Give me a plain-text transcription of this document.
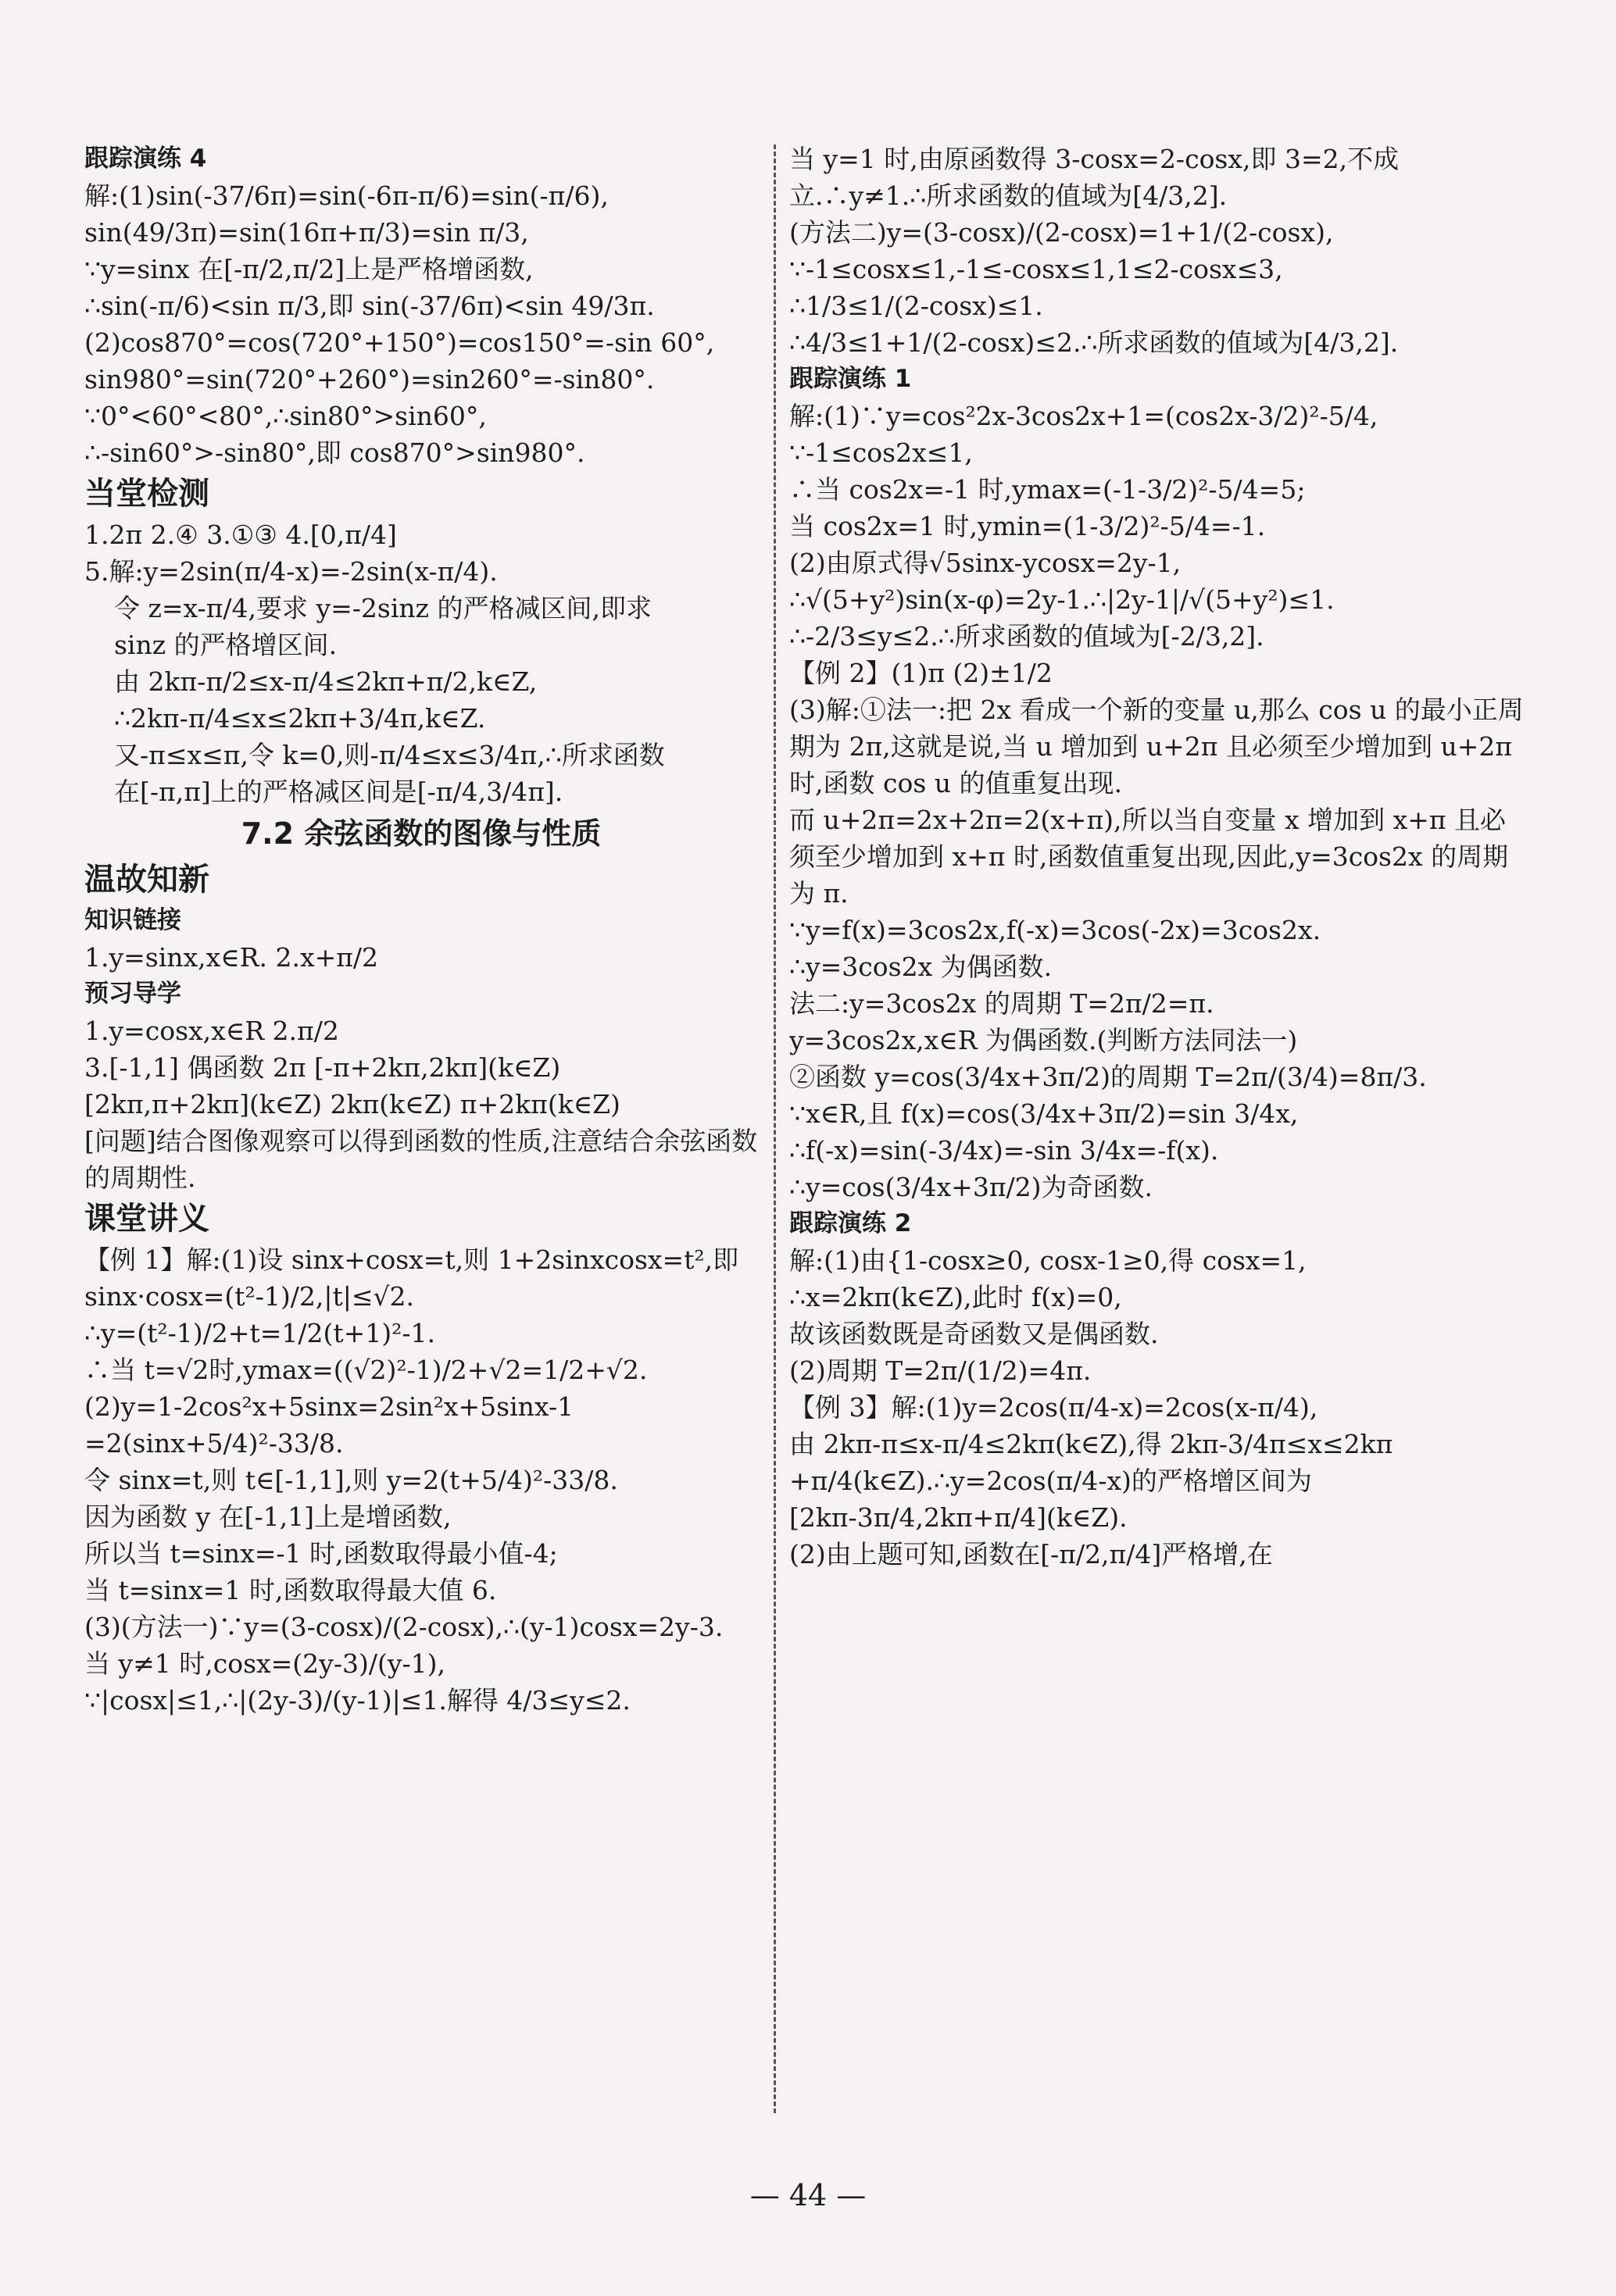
跟踪演练 4
解:(1)sin(-37/6π)=sin(-6π-π/6)=sin(-π/6),
sin(49/3π)=sin(16π+π/3)=sin π/3,
∵y=sinx 在[-π/2,π/2]上是严格增函数,
∴sin(-π/6)<sin π/3,即 sin(-37/6π)<sin 49/3π.
(2)cos870°=cos(720°+150°)=cos150°=-sin 60°,
sin980°=sin(720°+260°)=sin260°=-sin80°.
∵0°<60°<80°,∴sin80°>sin60°,
∴-sin60°>-sin80°,即 cos870°>sin980°.
当堂检测
1.2π 2.④ 3.①③ 4.[0,π/4]
5.解:y=2sin(π/4-x)=-2sin(x-π/4).
令 z=x-π/4,要求 y=-2sinz 的严格减区间,即求
sinz 的严格增区间.
由 2kπ-π/2≤x-π/4≤2kπ+π/2,k∈Z,
∴2kπ-π/4≤x≤2kπ+3/4π,k∈Z.
又-π≤x≤π,令 k=0,则-π/4≤x≤3/4π,∴所求函数
在[-π,π]上的严格减区间是[-π/4,3/4π].
7.2 余弦函数的图像与性质
温故知新
知识链接
1.y=sinx,x∈R. 2.x+π/2
预习导学
1.y=cosx,x∈R 2.π/2
3.[-1,1] 偶函数 2π [-π+2kπ,2kπ](k∈Z)
[2kπ,π+2kπ](k∈Z) 2kπ(k∈Z) π+2kπ(k∈Z)
[问题]结合图像观察可以得到函数的性质,注意结合余弦函数的周期性.
课堂讲义
【例 1】解:(1)设 sinx+cosx=t,则 1+2sinxcosx=t²,即
sinx·cosx=(t²-1)/2,|t|≤√2.
∴y=(t²-1)/2+t=1/2(t+1)²-1.
∴当 t=√2时,ymax=((√2)²-1)/2+√2=1/2+√2.
(2)y=1-2cos²x+5sinx=2sin²x+5sinx-1
=2(sinx+5/4)²-33/8.
令 sinx=t,则 t∈[-1,1],则 y=2(t+5/4)²-33/8.
因为函数 y 在[-1,1]上是增函数,
所以当 t=sinx=-1 时,函数取得最小值-4;
当 t=sinx=1 时,函数取得最大值 6.
(3)(方法一)∵y=(3-cosx)/(2-cosx),∴(y-1)cosx=2y-3.
当 y≠1 时,cosx=(2y-3)/(y-1),
∵|cosx|≤1,∴|(2y-3)/(y-1)|≤1.解得 4/3≤y≤2.
当 y=1 时,由原函数得 3-cosx=2-cosx,即 3=2,不成立.∴y≠1.∴所求函数的值域为[4/3,2].
(方法二)y=(3-cosx)/(2-cosx)=1+1/(2-cosx),
∵-1≤cosx≤1,-1≤-cosx≤1,1≤2-cosx≤3,
∴1/3≤1/(2-cosx)≤1.
∴4/3≤1+1/(2-cosx)≤2.∴所求函数的值域为[4/3,2].
跟踪演练 1
解:(1)∵y=cos²2x-3cos2x+1=(cos2x-3/2)²-5/4,
∵-1≤cos2x≤1,
∴当 cos2x=-1 时,ymax=(-1-3/2)²-5/4=5;
当 cos2x=1 时,ymin=(1-3/2)²-5/4=-1.
(2)由原式得√5sinx-ycosx=2y-1,
∴√(5+y²)sin(x-φ)=2y-1.∴|2y-1|/√(5+y²)≤1.
∴-2/3≤y≤2.∴所求函数的值域为[-2/3,2].
【例 2】(1)π (2)±1/2
(3)解:①法一:把 2x 看成一个新的变量 u,那么 cos u 的最小正周期为 2π,这就是说,当 u 增加到 u+2π 且必须至少增加到 u+2π 时,函数 cos u 的值重复出现.
而 u+2π=2x+2π=2(x+π),所以当自变量 x 增加到 x+π 且必须至少增加到 x+π 时,函数值重复出现,因此,y=3cos2x 的周期为 π.
∵y=f(x)=3cos2x,f(-x)=3cos(-2x)=3cos2x.
∴y=3cos2x 为偶函数.
法二:y=3cos2x 的周期 T=2π/2=π.
y=3cos2x,x∈R 为偶函数.(判断方法同法一)
②函数 y=cos(3/4x+3π/2)的周期 T=2π/(3/4)=8π/3.
∵x∈R,且 f(x)=cos(3/4x+3π/2)=sin 3/4x,
∴f(-x)=sin(-3/4x)=-sin 3/4x=-f(x).
∴y=cos(3/4x+3π/2)为奇函数.
跟踪演练 2
解:(1)由{1-cosx≥0, cosx-1≥0,得 cosx=1,
∴x=2kπ(k∈Z),此时 f(x)=0,
故该函数既是奇函数又是偶函数.
(2)周期 T=2π/(1/2)=4π.
【例 3】解:(1)y=2cos(π/4-x)=2cos(x-π/4),
由 2kπ-π≤x-π/4≤2kπ(k∈Z),得 2kπ-3/4π≤x≤2kπ
+π/4(k∈Z).∴y=2cos(π/4-x)的严格增区间为
[2kπ-3π/4,2kπ+π/4](k∈Z).
(2)由上题可知,函数在[-π/2,π/4]严格增,在
— 44 —
